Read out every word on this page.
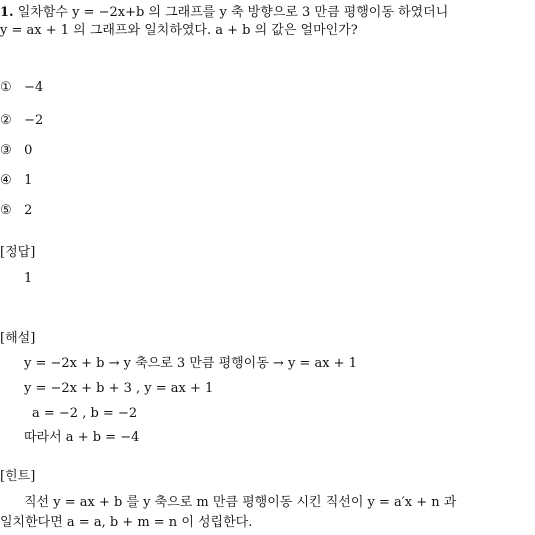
1. 일차함수 y = −2x+b 의 그래프를 y 축 방향으로 3 만큼 평행이동 하였더니
y = ax + 1 의 그래프와 일치하였다. a + b 의 값은 얼마인가?
① −4
② −2
③ 0
④ 1
⑤ 2
[정답]
1
[해설]
y = −2x + b → y 축으로 3 만큼 평행이동 → y = ax + 1
y = −2x + b + 3 , y = ax + 1
a = −2 , b = −2
따라서 a + b = −4
[힌트]
직선 y = ax + b 를 y 축으로 m 만큼 평행이동 시킨 직선이 y = a′x + n 과
일치한다면 a = a, b + m = n 이 성립한다.
